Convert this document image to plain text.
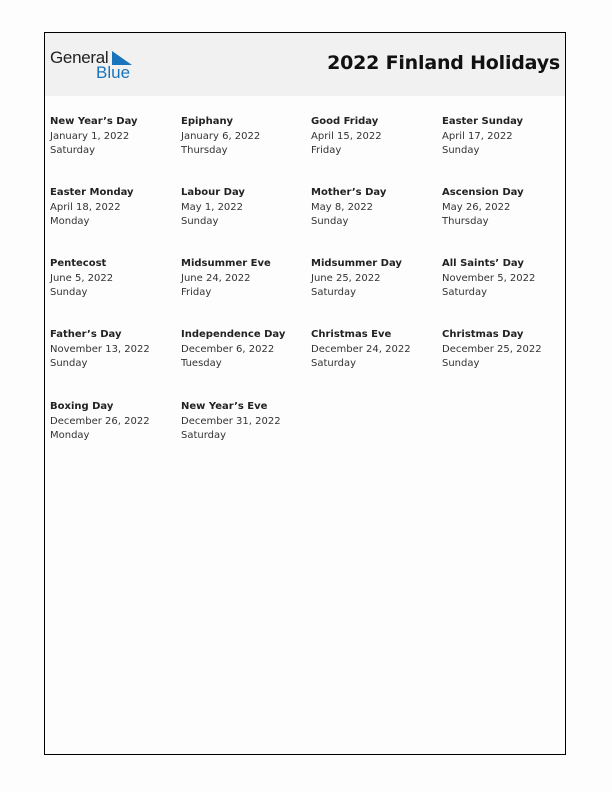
General
Blue	2022 Finland Holidays
New Year’s Day
January 1, 2022
Saturday
Epiphany
January 6, 2022
Thursday
Good Friday
April 15, 2022
Friday
Easter Sunday
April 17, 2022
Sunday
Easter Monday
April 18, 2022
Monday
Labour Day
May 1, 2022
Sunday
Mother’s Day
May 8, 2022
Sunday
Ascension Day
May 26, 2022
Thursday
Pentecost
June 5, 2022
Sunday
Midsummer Eve
June 24, 2022
Friday
Midsummer Day
June 25, 2022
Saturday
All Saints’ Day
November 5, 2022
Saturday
Father’s Day
November 13, 2022
Sunday
Independence Day
December 6, 2022
Tuesday
Christmas Eve
December 24, 2022
Saturday
Christmas Day
December 25, 2022
Sunday
Boxing Day
December 26, 2022
Monday
New Year’s Eve
December 31, 2022
Saturday
